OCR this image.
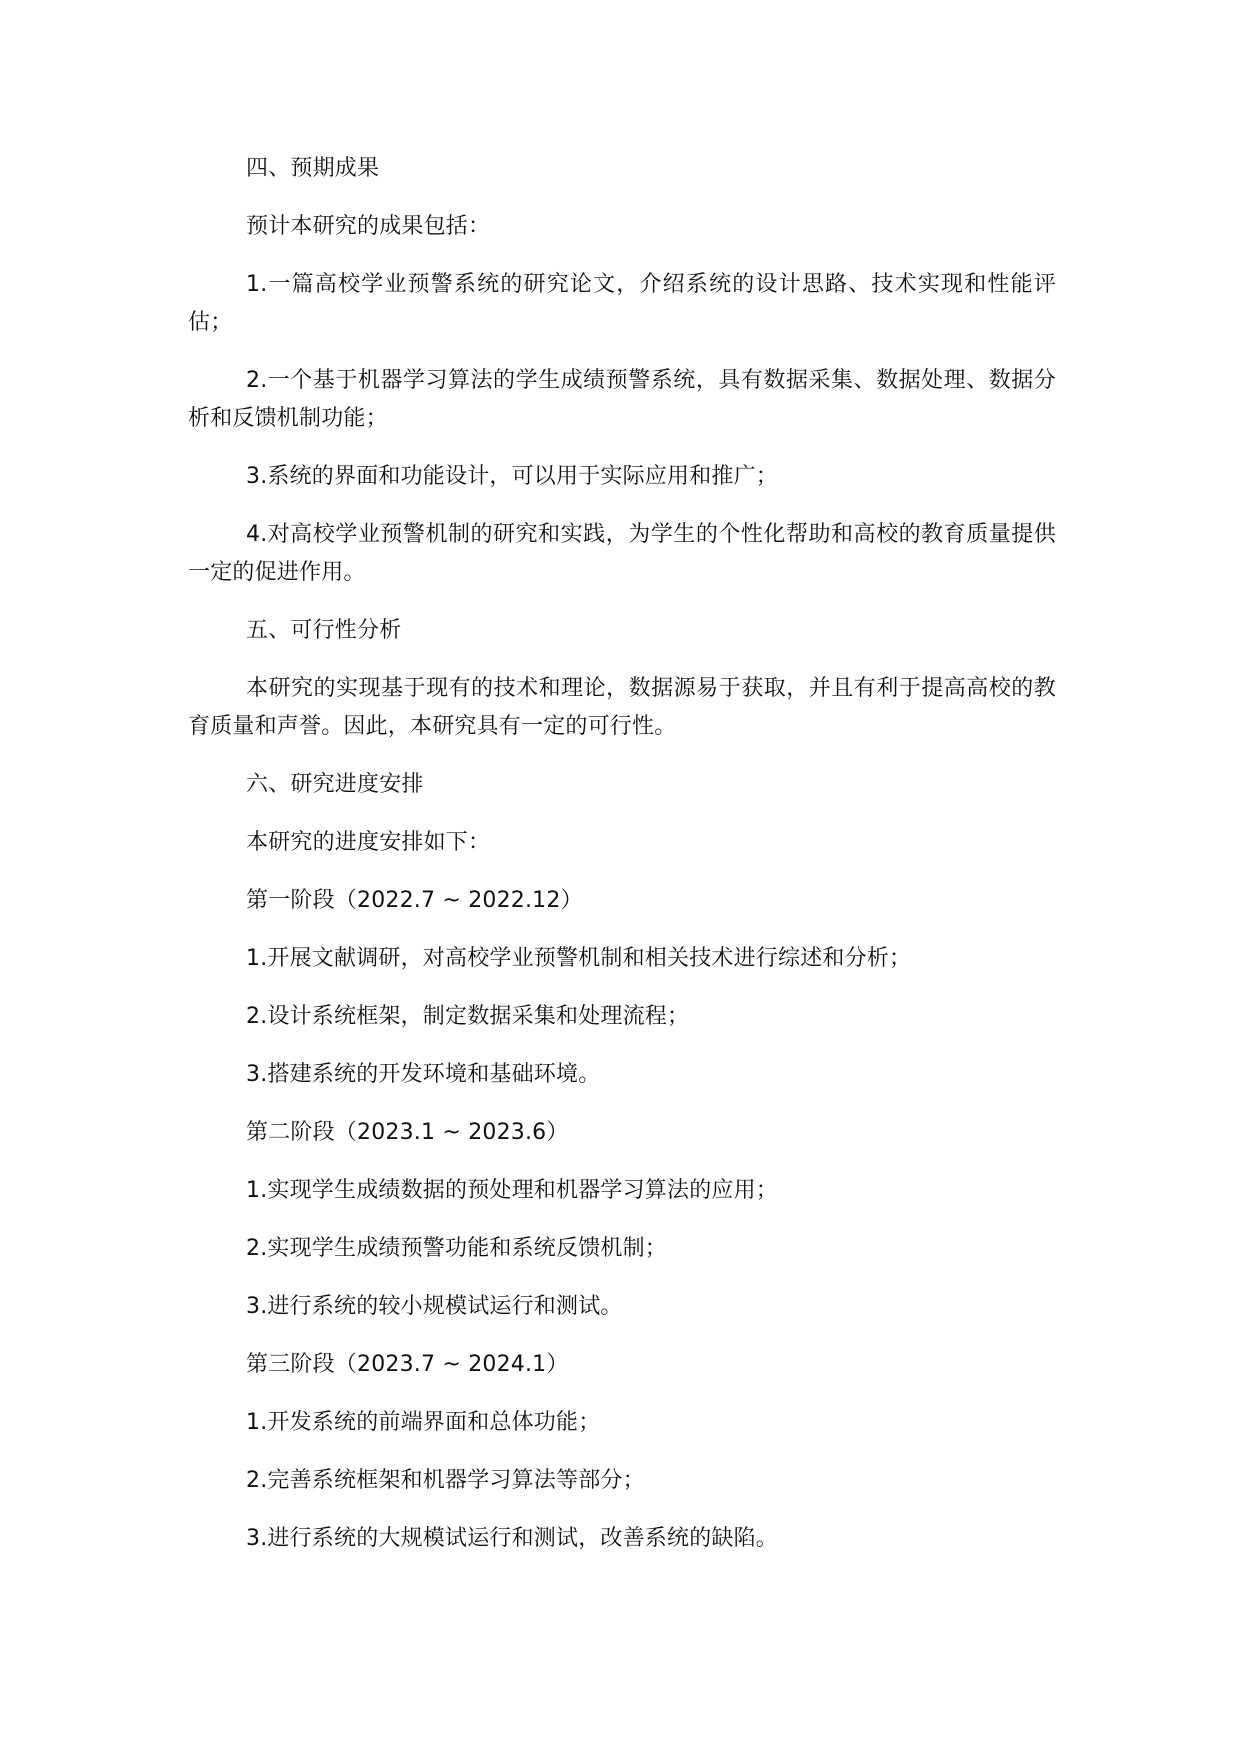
四、预期成果

预计本研究的成果包括：

1.一篇高校学业预警系统的研究论文，介绍系统的设计思路、技术实现和性能评估；

2.一个基于机器学习算法的学生成绩预警系统，具有数据采集、数据处理、数据分析和反馈机制功能；

3.系统的界面和功能设计，可以用于实际应用和推广；

4.对高校学业预警机制的研究和实践，为学生的个性化帮助和高校的教育质量提供一定的促进作用。

五、可行性分析

本研究的实现基于现有的技术和理论，数据源易于获取，并且有利于提高高校的教育质量和声誉。因此，本研究具有一定的可行性。

六、研究进度安排

本研究的进度安排如下：

第一阶段（2022.7 ~ 2022.12）

1.开展文献调研，对高校学业预警机制和相关技术进行综述和分析；

2.设计系统框架，制定数据采集和处理流程；

3.搭建系统的开发环境和基础环境。

第二阶段（2023.1 ~ 2023.6）

1.实现学生成绩数据的预处理和机器学习算法的应用；

2.实现学生成绩预警功能和系统反馈机制；

3.进行系统的较小规模试运行和测试。

第三阶段（2023.7 ~ 2024.1）

1.开发系统的前端界面和总体功能；

2.完善系统框架和机器学习算法等部分；

3.进行系统的大规模试运行和测试，改善系统的缺陷。
